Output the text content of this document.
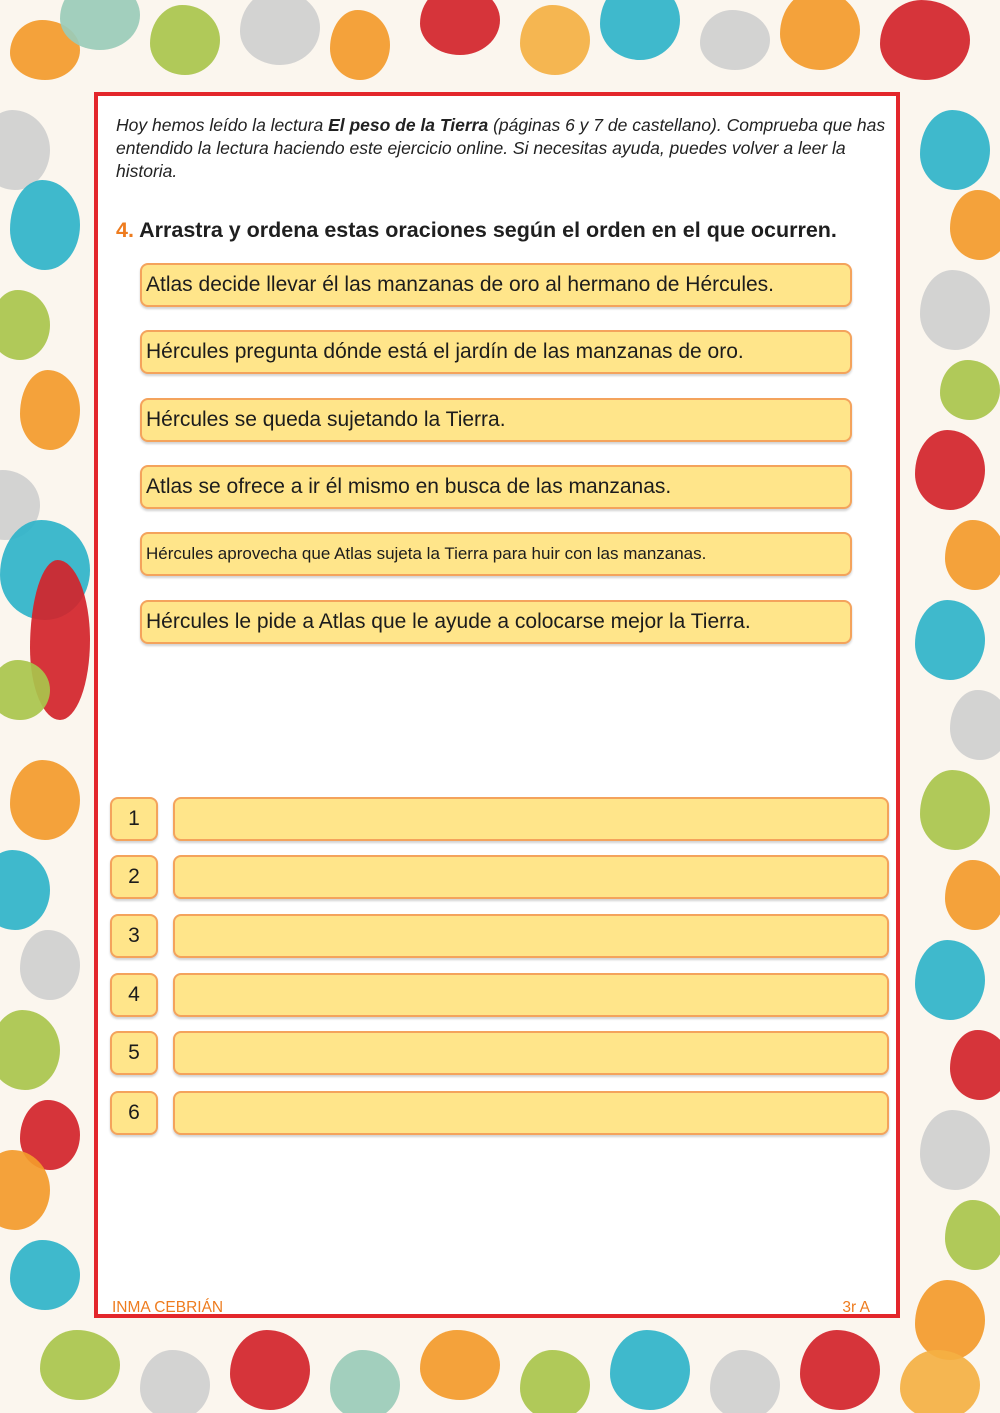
Hoy hemos leído la lectura El peso de la Tierra (páginas 6 y 7 de castellano). Comprueba que has entendido la lectura haciendo este ejercicio online. Si necesitas ayuda, puedes volver a leer la historia.
4. Arrastra y ordena estas oraciones según el orden en el que ocurren.
Atlas decide llevar él las manzanas de oro al hermano de Hércules.
Hércules pregunta dónde está el jardín de las manzanas de oro.
Hércules se queda sujetando la Tierra.
Atlas se ofrece a ir él mismo en busca de las manzanas.
Hércules aprovecha que Atlas sujeta la Tierra para huir con las manzanas.
Hércules le pide a Atlas que le ayude a colocarse mejor la Tierra.
1
2
3
4
5
6
INMA CEBRIÁN	3r A
